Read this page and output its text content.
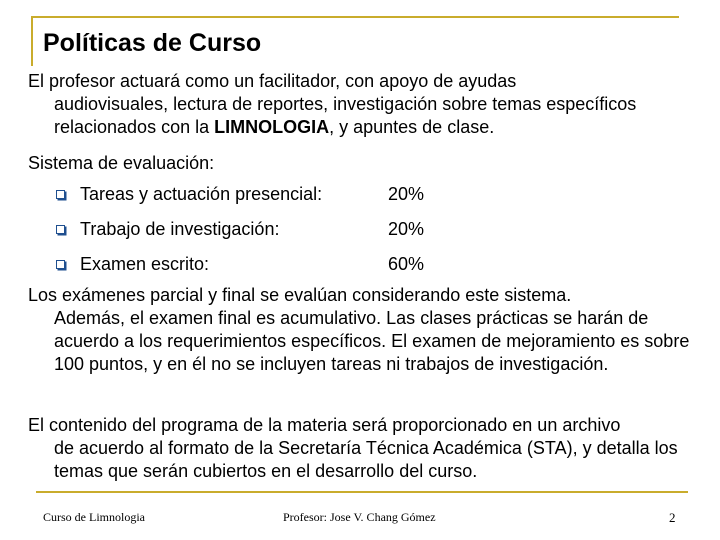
Políticas de Curso

El profesor actuará como un facilitador, con apoyo de ayudas
audiovisuales, lectura de reportes, investigación sobre temas específicos relacionados con la LIMNOLOGIA, y apuntes de clase.

Sistema de evaluación:

Tareas y actuación presencial:	20%
Trabajo de investigación:	20%
Examen escrito:	60%

Los exámenes parcial y final se evalúan considerando este sistema.
Además, el examen final es acumulativo. Las clases prácticas se harán de acuerdo a los requerimientos específicos. El examen de mejoramiento es sobre 100 puntos, y en él no se incluyen tareas ni trabajos de investigación.

El contenido del programa de la materia será proporcionado en un archivo
de acuerdo al formato de la Secretaría Técnica Académica (STA), y detalla los temas que serán cubiertos en el desarrollo del curso.

Curso de Limnologia	Profesor: Jose V. Chang Gómez	2
